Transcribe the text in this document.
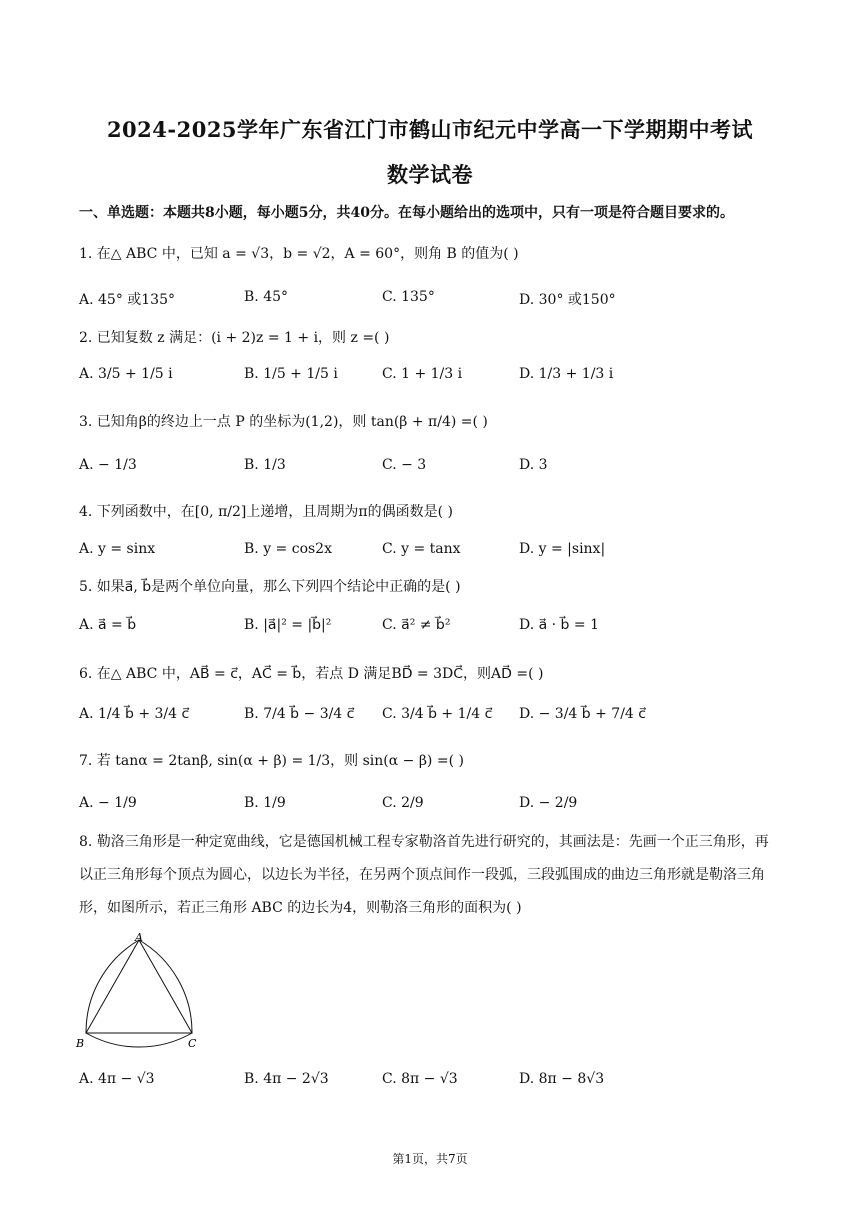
2024-2025学年广东省江门市鹤山市纪元中学高一下学期期中考试
数学试卷
一、单选题：本题共8小题，每小题5分，共40分。在每小题给出的选项中，只有一项是符合题目要求的。
1. 在△ ABC 中，已知 a = √3，b = √2，A = 60°，则角 B 的值为( )
A. 45° 或135°	B. 45°	C. 135°	D. 30° 或150°
2. 已知复数 z 满足：(i + 2)z = 1 + i，则 z =( )
A. 3/5 + 1/5 i	B. 1/5 + 1/5 i	C. 1 + 1/3 i	D. 1/3 + 1/3 i
3. 已知角β的终边上一点 P 的坐标为(1,2)，则 tan(β + π/4) =( )
A. − 1/3	B. 1/3	C. − 3	D. 3
4. 下列函数中，在[0, π/2]上递增，且周期为π的偶函数是( )
A. y = sinx	B. y = cos2x	C. y = tanx	D. y = |sinx|
5. 如果a⃗, b⃗是两个单位向量，那么下列四个结论中正确的是( )
A. a⃗ = b⃗	B. |a⃗|² = |b⃗|²	C. a⃗² ≠ b⃗²	D. a⃗ · b⃗ = 1
6. 在△ ABC 中，AB⃗ = c⃗，AC⃗ = b⃗，若点 D 满足BD⃗ = 3DC⃗，则AD⃗ =( )
A. 1/4 b⃗ + 3/4 c⃗	B. 7/4 b⃗ − 3/4 c⃗ C. 3/4 b⃗ + 1/4 c⃗ D. − 3/4 b⃗ + 7/4 c⃗
7. 若 tanα = 2tanβ, sin(α + β) = 1/3，则 sin(α − β) =( )
A. − 1/9	B. 1/9	C. 2/9	D. − 2/9
8. 勒洛三角形是一种定宽曲线，它是德国机械工程专家勒洛首先进行研究的，其画法是：先画一个正三角形，再以正三角形每个顶点为圆心，以边长为半径，在另两个顶点间作一段弧，三段弧围成的曲边三角形就是勒洛三角形，如图所示，若正三角形 ABC 的边长为4，则勒洛三角形的面积为( )
A
B	C
A. 4π − √3	B. 4π − 2√3	C. 8π − √3	D. 8π − 8√3
第1页，共7页
